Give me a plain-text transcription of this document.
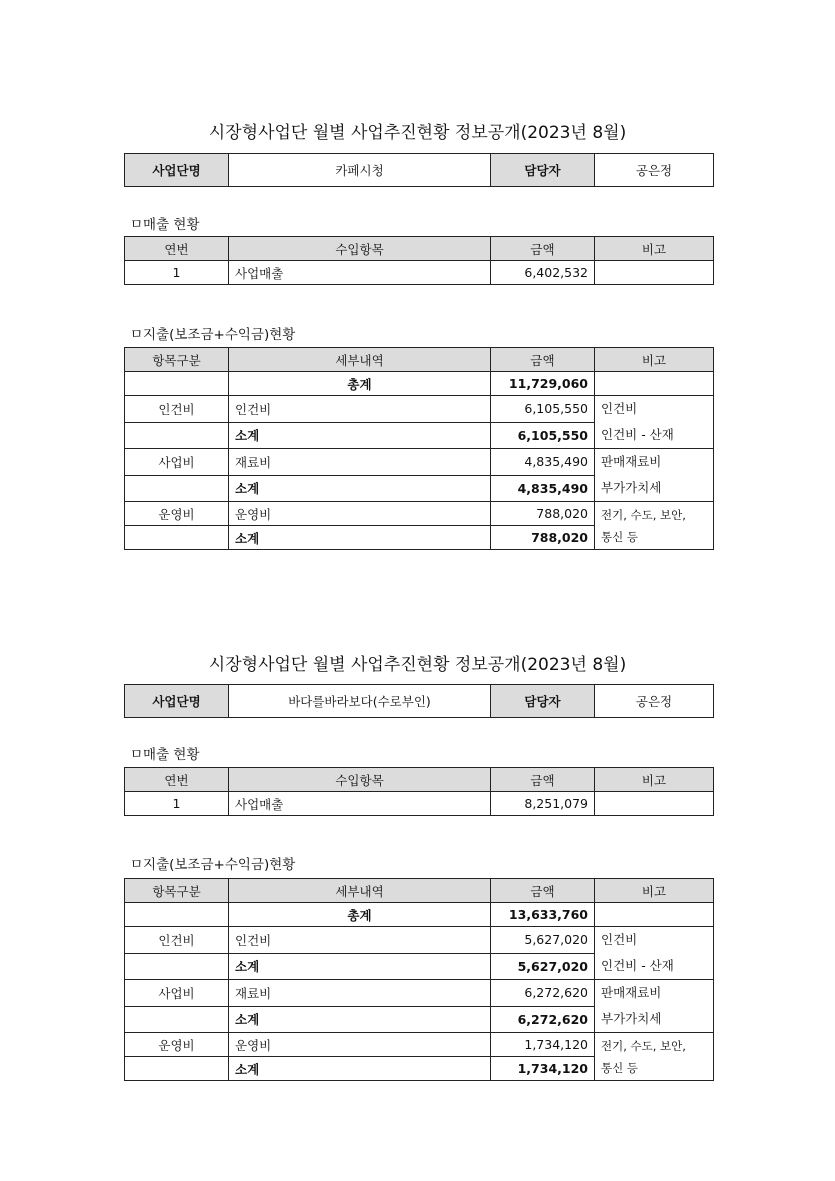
시장형사업단 월별 사업추진현황 정보공개(2023년 8월)
사업단명	카페시청	담당자	공은정
ㅁ매출 현황
연번	수입항목	금액	비고
1	사업매출	6,402,532	
ㅁ지출(보조금+수익금)현황
항목구분	세부내역	금액	비고
	총계	11,729,060	
인건비	인건비	6,105,550	인건비
인건비 - 산재

	소계	6,105,550	
사업비	재료비	4,835,490	판매재료비
부가가치세

	소계	4,835,490	
운영비	운영비	788,020	전기, 수도, 보안,
통신 등

	소계	788,020	
시장형사업단 월별 사업추진현황 정보공개(2023년 8월)
사업단명	바다를바라보다(수로부인)	담당자	공은정
ㅁ매출 현황
연번	수입항목	금액	비고
1	사업매출	8,251,079	
ㅁ지출(보조금+수익금)현황
항목구분	세부내역	금액	비고
	총계	13,633,760	
인건비	인건비	5,627,020	인건비
인건비 - 산재

	소계	5,627,020	
사업비	재료비	6,272,620	판매재료비
부가가치세

	소계	6,272,620	
운영비	운영비	1,734,120	전기, 수도, 보안,
통신 등

	소계	1,734,120	
